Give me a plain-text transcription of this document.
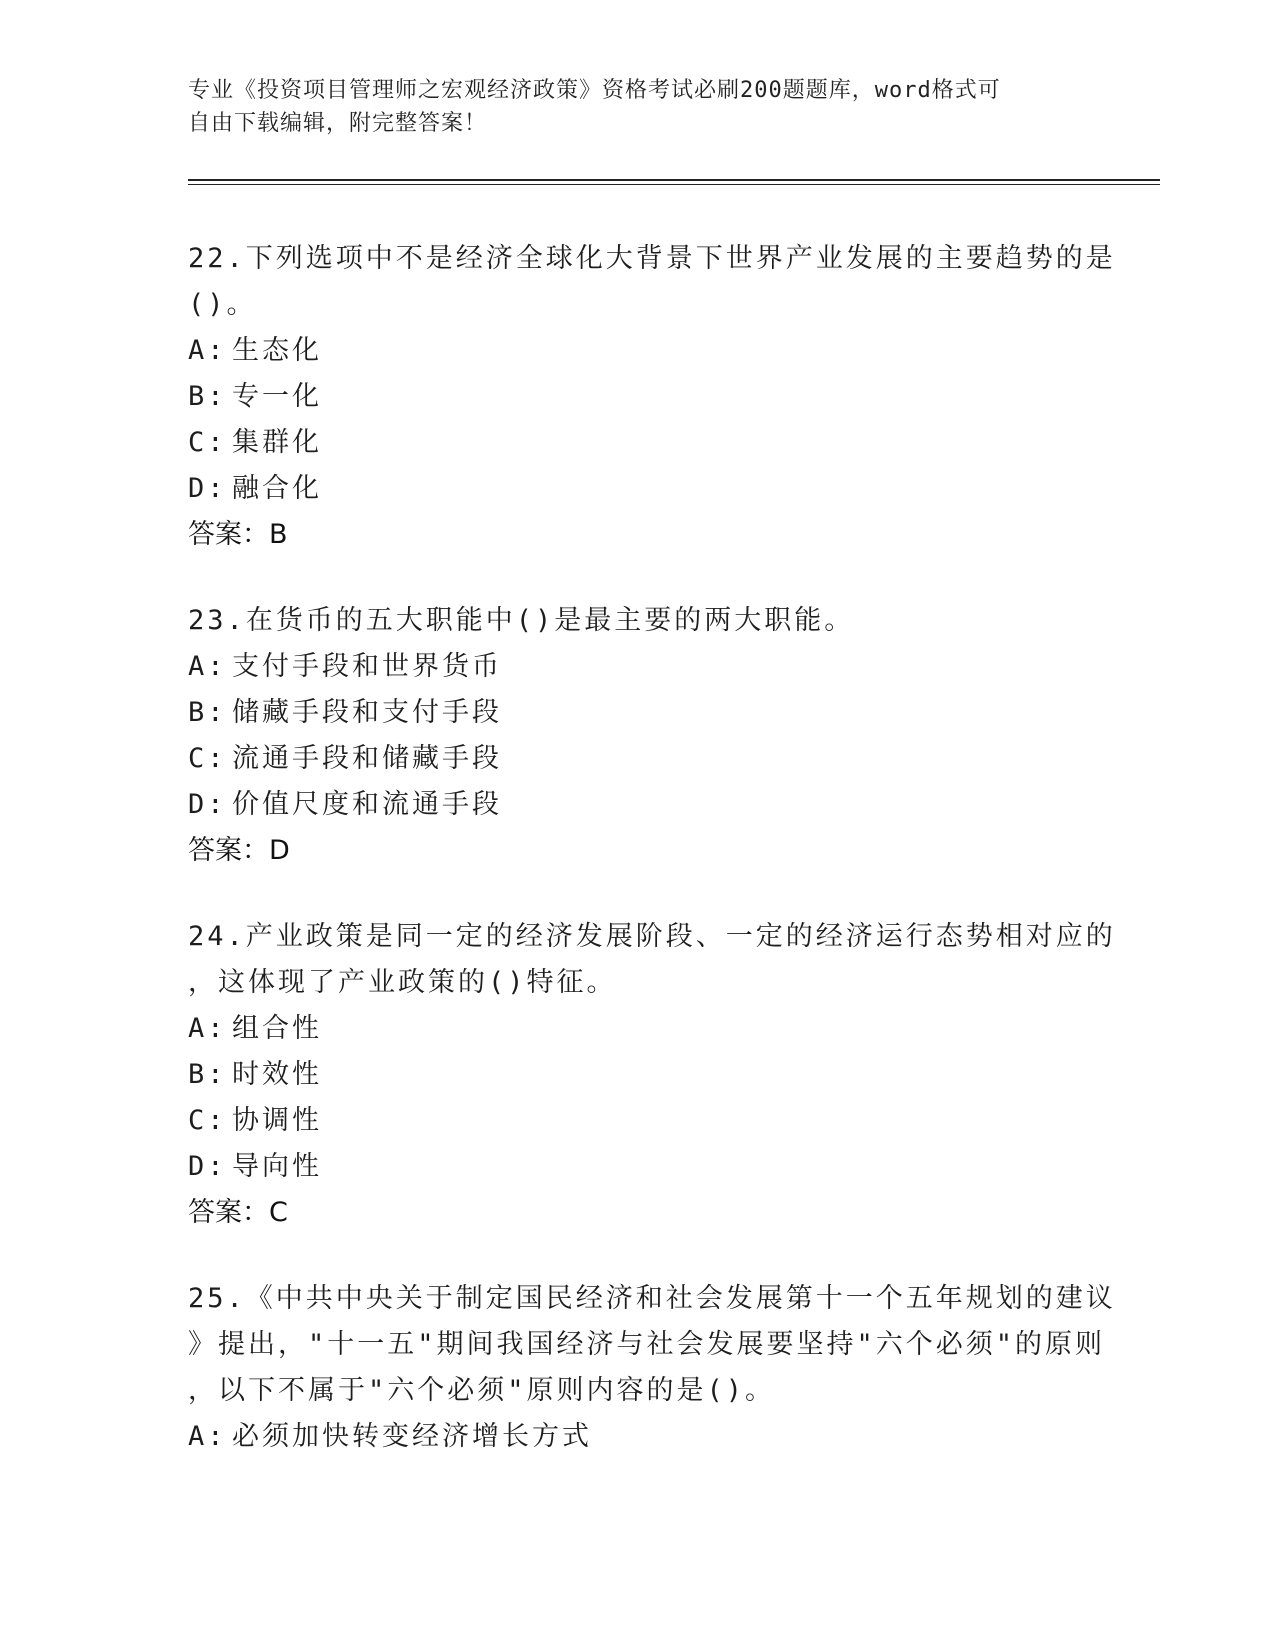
专业《投资项目管理师之宏观经济政策》资格考试必刷200题题库，word格式可
自由下载编辑，附完整答案！
22.下列选项中不是经济全球化大背景下世界产业发展的主要趋势的是
()。
A: 生态化
B: 专一化
C: 集群化
D: 融合化
答案：B
23.在货币的五大职能中()是最主要的两大职能。
A: 支付手段和世界货币
B: 储藏手段和支付手段
C: 流通手段和储藏手段
D: 价值尺度和流通手段
答案：D
24.产业政策是同一定的经济发展阶段、一定的经济运行态势相对应的
，这体现了产业政策的()特征。
A: 组合性
B: 时效性
C: 协调性
D: 导向性
答案：C
25.《中共中央关于制定国民经济和社会发展第十一个五年规划的建议
》提出，"十一五"期间我国经济与社会发展要坚持"六个必须"的原则
，以下不属于"六个必须"原则内容的是()。
A: 必须加快转变经济增长方式
